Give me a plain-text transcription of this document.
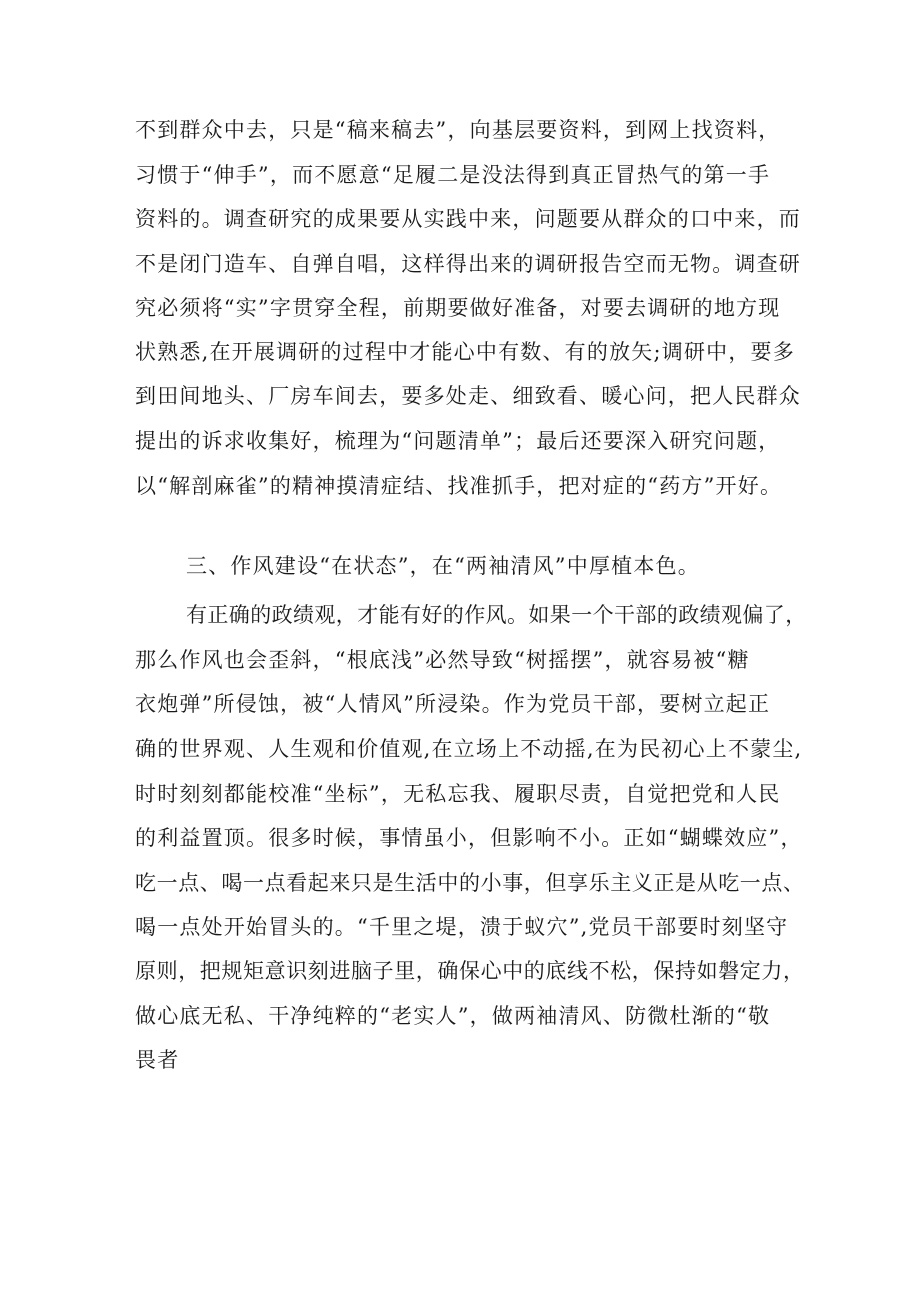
不到群众中去，只是“稿来稿去”，向基层要资料，到网上找资料，
习惯于“伸手”，而不愿意“足履二是没法得到真正冒热气的第一手
资料的。调查研究的成果要从实践中来，问题要从群众的口中来，而
不是闭门造车、自弹自唱，这样得出来的调研报告空而无物。调查研
究必须将“实”字贯穿全程，前期要做好准备，对要去调研的地方现
状熟悉,在开展调研的过程中才能心中有数、有的放矢;调研中，要多
到田间地头、厂房车间去，要多处走、细致看、暖心问，把人民群众
提出的诉求收集好，梳理为“问题清单”；最后还要深入研究问题，
以“解剖麻雀”的精神摸清症结、找准抓手，把对症的“药方”开好。
三、作风建设“在状态”，在“两袖清风”中厚植本色。
有正确的政绩观，才能有好的作风。如果一个干部的政绩观偏了，
那么作风也会歪斜，“根底浅”必然导致“树摇摆”，就容易被“糖
衣炮弹”所侵蚀，被“人情风”所浸染。作为党员干部，要树立起正
确的世界观、人生观和价值观,在立场上不动摇,在为民初心上不蒙尘,
时时刻刻都能校准“坐标”，无私忘我、履职尽责，自觉把党和人民
的利益置顶。很多时候，事情虽小，但影响不小。正如“蝴蝶效应”，
吃一点、喝一点看起来只是生活中的小事，但享乐主义正是从吃一点、
喝一点处开始冒头的。“千里之堤，溃于蚁穴”,党员干部要时刻坚守
原则，把规矩意识刻进脑子里，确保心中的底线不松，保持如磐定力，
做心底无私、干净纯粹的“老实人”，做两袖清风、防微杜渐的“敬
畏者
